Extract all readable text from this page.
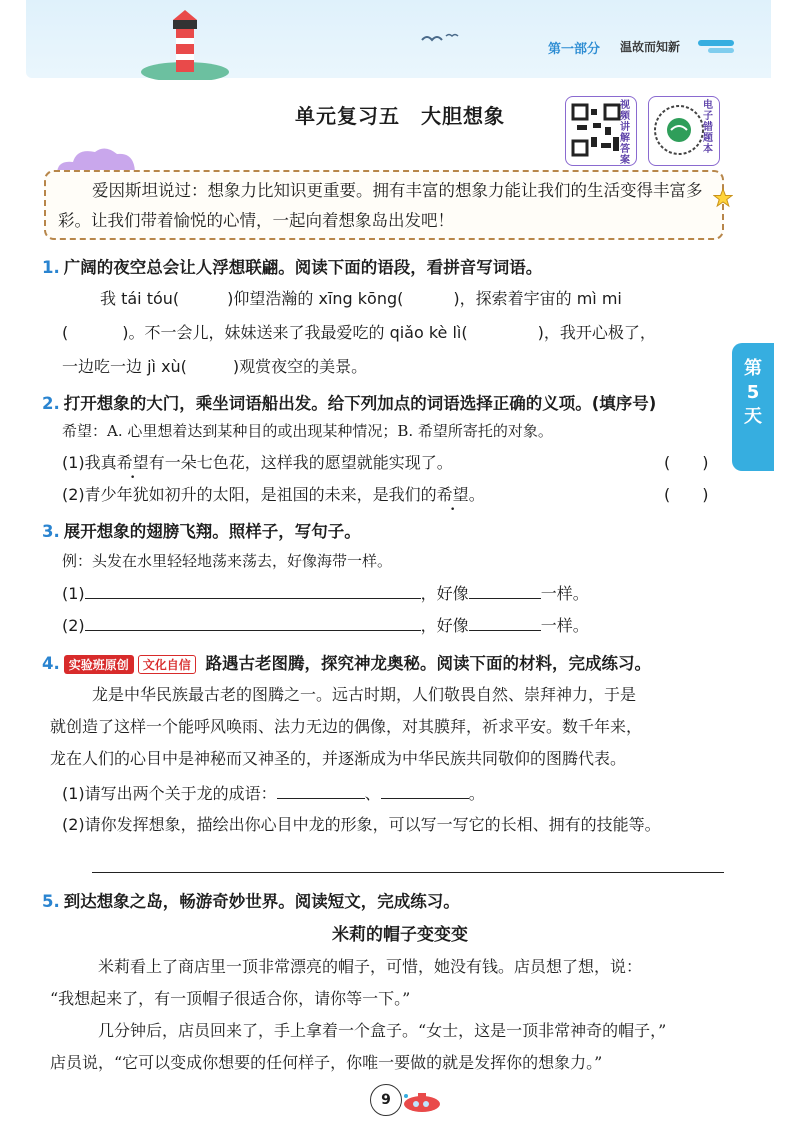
第一部分 温故而知新
单元复习五　大胆想象	视频讲解答案
电子错题本
爱因斯坦说过：想象力比知识更重要。拥有丰富的想象力能让我们的生活变得丰富多彩。让我们带着愉悦的心情，一起向着想象岛出发吧！
第5天
1. 广阔的夜空总会让人浮想联翩。阅读下面的语段，看拼音写词语。
我 tái tóu(	)仰望浩瀚的 xīng kōng(	)，探索着宇宙的 mì mi
(	)。不一会儿，妹妹送来了我最爱吃的 qiǎo kè lì(	)，我开心极了，
一边吃一边 jì xù(	)观赏夜空的美景。
2. 打开想象的大门，乘坐词语船出发。给下列加点的词语选择正确的义项。(填序号)
希望：A. 心里想着达到某种目的或出现某种情况；B. 希望所寄托的对象。
(1)我真希望有一朵七色花，这样我的愿望就能实现了。	(　　)
(2)青少年犹如初升的太阳，是祖国的未来，是我们的希望。	(　　)
3. 展开想象的翅膀飞翔。照样子，写句子。
例：头发在水里轻轻地荡来荡去，好像海带一样。
(1)	，好像	一样。
(2)	，好像	一样。
4. 实验班原创 文化自信 路遇古老图腾，探究神龙奥秘。阅读下面的材料，完成练习。
龙是中华民族最古老的图腾之一。远古时期，人们敬畏自然、崇拜神力，于是
就创造了这样一个能呼风唤雨、法力无边的偶像，对其膜拜，祈求平安。数千年来，
龙在人们的心目中是神秘而又神圣的，并逐渐成为中华民族共同敬仰的图腾代表。
(1)请写出两个关于龙的成语：	、	。
(2)请你发挥想象，描绘出你心目中龙的形象，可以写一写它的长相、拥有的技能等。
5. 到达想象之岛，畅游奇妙世界。阅读短文，完成练习。
米莉的帽子变变变
米莉看上了商店里一顶非常漂亮的帽子，可惜，她没有钱。店员想了想，说：
“我想起来了，有一顶帽子很适合你，请你等一下。”
几分钟后，店员回来了，手上拿着一个盒子。“女士，这是一顶非常神奇的帽子，”
店员说，“它可以变成你想要的任何样子，你唯一要做的就是发挥你的想象力。”
9
